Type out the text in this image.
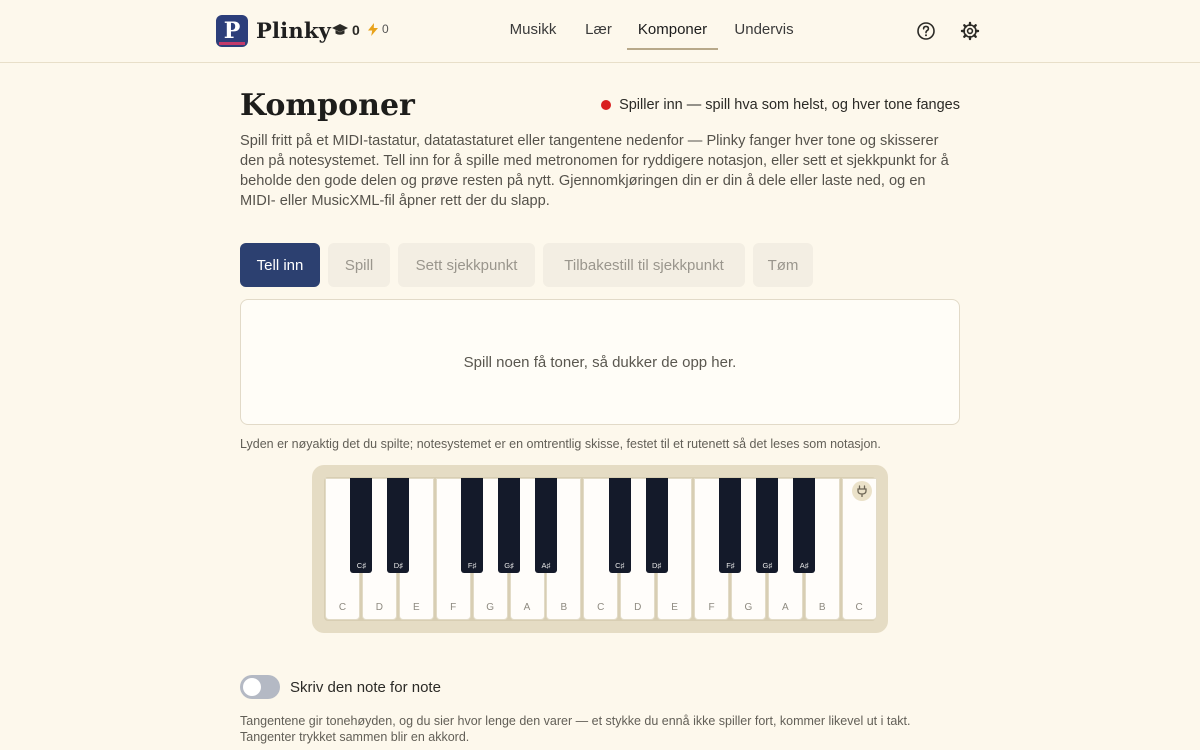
P Plinky 0 0	Musikk Lær	Komponer	Undervis
Komponer	Spiller inn — spill hva som helst, og hver tone fanges

Spill fritt på et MIDI-tastatur, datatastaturet eller tangentene nedenfor — Plinky fanger hver tone og skisserer den på notesystemet. Tell inn for å spille med metronomen for ryddigere notasjon, eller sett et sjekkpunkt for å beholde den gode delen og prøve resten på nytt. Gjennomkjøringen din er din å dele eller laste ned, og en MIDI- eller MusicXML-fil åpner rett der du slapp.

Tell inn	Spill	Sett sjekkpunkt	Tilbakestill til sjekkpunkt	Tøm
Spill noen få toner, så dukker de opp her.

Lyden er nøyaktig det du spilte; notesystemet er en omtrentlig skisse, festet til et rutenett så det leses som notasjon.

C	D	E	F	G	A	B	C	D	E	F	G	A	B	C
C♯	D♯	F♯	G♯	A♯	C♯	D♯	F♯	G♯	A♯
Skriv den note for note

Tangentene gir tonehøyden, og du sier hvor lenge den varer — et stykke du ennå ikke spiller fort, kommer likevel ut i takt. Tangenter trykket sammen blir en akkord.
